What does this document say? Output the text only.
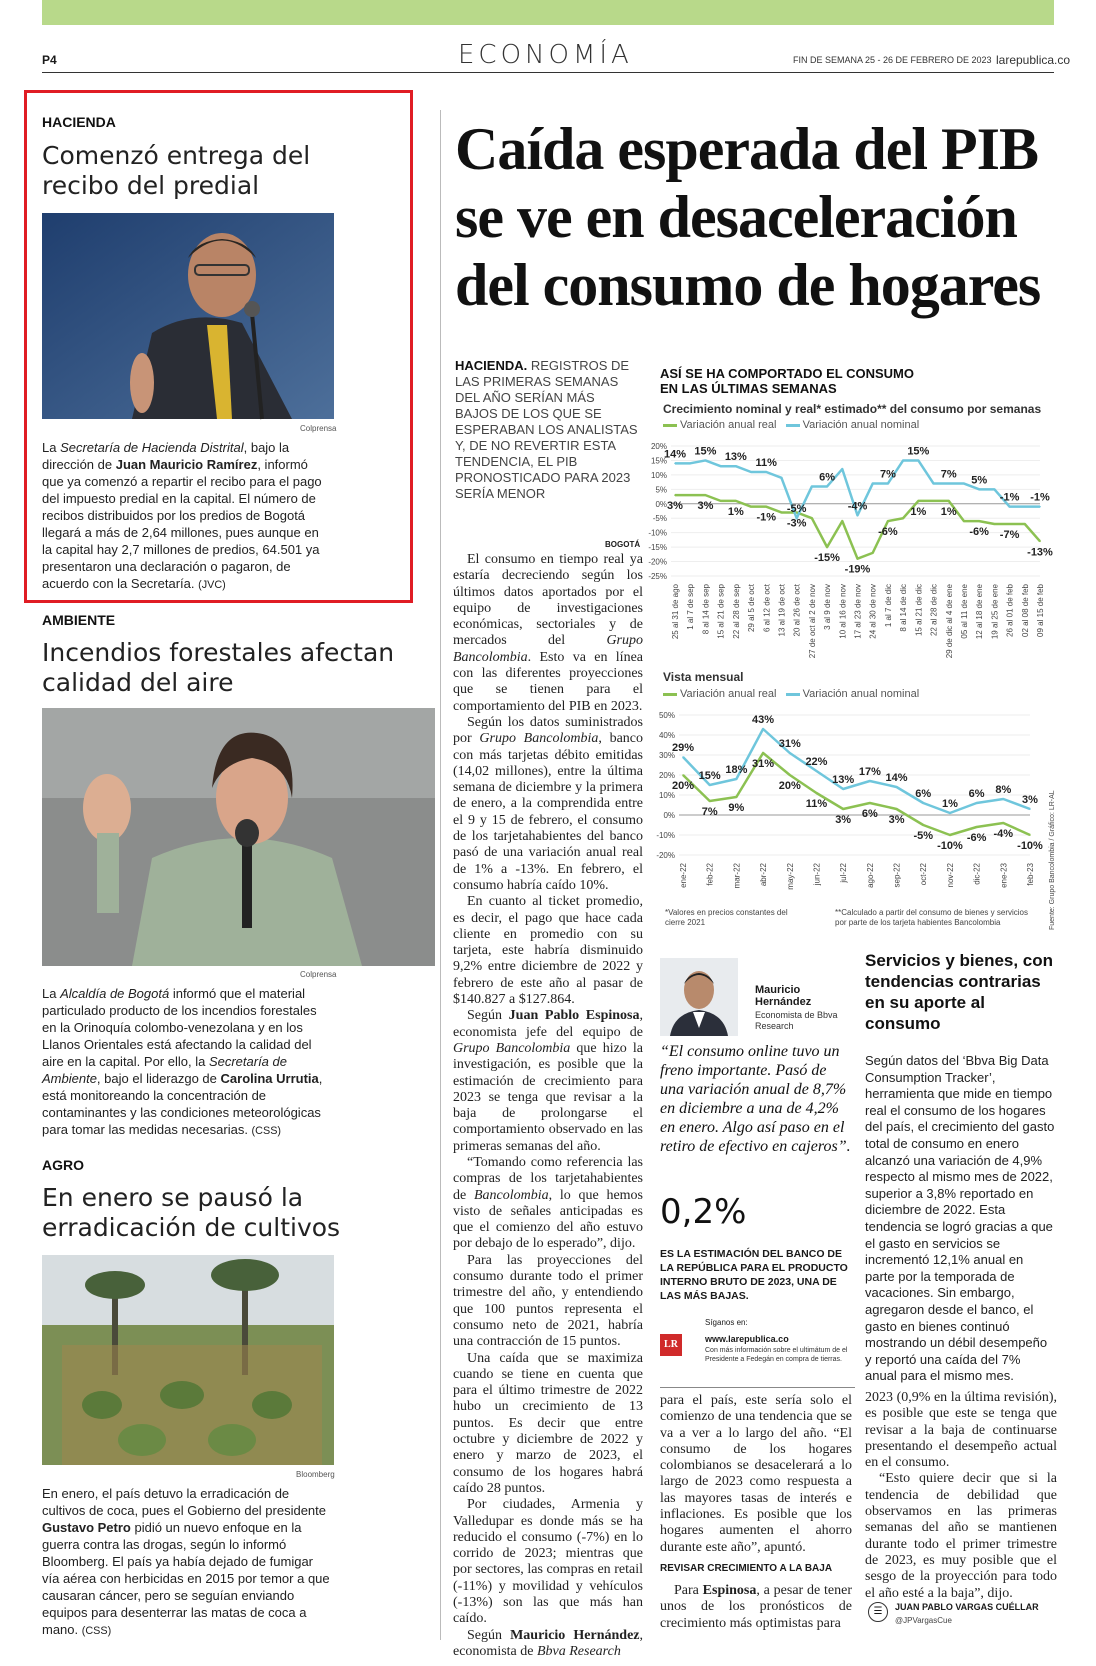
P4	ECONOMÍA	FIN DE SEMANA 25 - 26 DE FEBRERO DE 2023 larepublica.co
HACIENDA
Comenzó entrega del recibo del predial
Colprensa
La Secretaría de Hacienda Distrital, bajo la dirección de Juan Mauricio Ramírez, informó que ya comenzó a repartir el recibo para el pago del impuesto predial en la capital. El número de recibos distribuidos por los predios de Bogotá llegará a más de 2,64 millones, pues aunque en la capital hay 2,7 millones de predios, 64.501 ya presentaron una declaración o pagaron, de acuerdo con la Secretaría. (JVC)
AMBIENTE
Incendios forestales afectan calidad del aire
Colprensa
La Alcaldía de Bogotá informó que el material particulado producto de los incendios forestales en la Orinoquía colombo-venezolana y en los Llanos Orientales está afectando la calidad del aire en la capital. Por ello, la Secretaría de Ambiente, bajo el liderazgo de Carolina Urrutia, está monitoreando la concentración de contaminantes y las condiciones meteorológicas para tomar las medidas necesarias. (CSS)
AGRO
En enero se pausó la erradicación de cultivos
Bloomberg
En enero, el país detuvo la erradicación de cultivos de coca, pues el Gobierno del presidente Gustavo Petro pidió un nuevo enfoque en la guerra contra las drogas, según lo informó Bloomberg. El país ya había dejado de fumigar vía aérea con herbicidas en 2015 por temor a que causaran cáncer, pero se seguían enviando equipos para desenterrar las matas de coca a mano. (CSS)
Caída esperada del PIB se ve en desaceleración del consumo de hogares
HACIENDA. REGISTROS DE LAS PRIMERAS SEMANAS DEL AÑO SERÍAN MÁS BAJOS DE LOS QUE SE ESPERABAN LOS ANALISTAS Y, DE NO REVERTIR ESTA TENDENCIA, EL PIB PRONOSTICADO PARA 2023 SERÍA MENOR
BOGOTÁ

El consumo en tiempo real ya estaría decreciendo según los últimos datos aportados por el equipo de investigaciones económicas, sectoriales y de mercados del Grupo Bancolombia. Esto va en línea con las diferentes proyecciones que se tienen para el comportamiento del PIB en 2023.

Según los datos suministrados por Grupo Bancolombia, banco con más tarjetas débito emitidas (14,02 millones), entre la última semana de diciembre y la primera de enero, a la comprendida entre el 9 y 15 de febrero, el consumo de los tarjetahabientes del banco pasó de una variación anual real de 1% a -13%. En febrero, el consumo habría caído 10%.

En cuanto al ticket promedio, es decir, el pago que hace cada cliente en promedio con su tarjeta, este habría disminuido 9,2% entre diciembre de 2022 y febrero de este año al pasar de $140.827 a $127.864.

Según Juan Pablo Espinosa, economista jefe del equipo de Grupo Bancolombia que hizo la investigación, es posible que la estimación de crecimiento para 2023 se tenga que revisar a la baja de prolongarse el comportamiento observado en las primeras semanas del año.

“Tomando como referencia las compras de los tarjetahabientes de Bancolombia, lo que hemos visto de señales anticipadas es que el comienzo del año estuvo por debajo de lo esperado”, dijo.

Para las proyecciones del consumo durante todo el primer trimestre del año, y entendiendo que 100 puntos representa el consumo neto de 2021, habría una contracción de 15 puntos.

Una caída que se maximiza cuando se tiene en cuenta que para el último trimestre de 2022 hubo un crecimiento de 13 puntos. Es decir que entre octubre y diciembre de 2022 y enero y marzo de 2023, el consumo de los hogares habrá caído 28 puntos.

Por ciudades, Armenia y Valledupar es donde más se ha reducido el consumo (-7%) en lo corrido de 2023; mientras que por sectores, las compras en retail (-11%) y movilidad y vehículos (-13%) son las que más han caído.

Según Mauricio Hernández, economista de Bbva Research

ASÍ SE HA COMPORTADO EL CONSUMO EN LAS ÚLTIMAS SEMANAS
Crecimiento nominal y real* estimado** del consumo por semanas
Variación anual real Variación anual nominal
20%
15%
10%
5%
0%
-5%
-10%
-15%
-20%
-25%
25 al 31 de ago 1 al 7 de sep 8 al 14 de sep 15 al 21 de sep 22 al 28 de sep 29 al 5 de oct 6 al 12 de oct 13 al 19 de oct 20 al 26 de oct 27 de oct al 2 de nov 3 al 9 de nov 10 al 16 de nov 17 al 23 de nov 24 al 30 de nov 1 al 7 de dic 8 al 14 de dic 15 al 21 de dic 22 al 28 de dic 29 de dic al 4 de ene 05 al 11 de ene 12 al 18 de ene 19 al 25 de ene 26 al 01 de feb 02 al 08 de feb 09 al 15 de feb
3% 3% 1% -1% -3%
-15%
-19%
-6%
1% 1%
-6% -7%
-13%
14% 15% 13% 11%
-5%
6%
-4%
7%
15%
7% 5%
-1% -1%
Vista mensual
Variación anual real Variación anual nominal
50%
40%
30%
20%
10%
0%
-10%
-20%
ene-22 feb-22 mar-22 abr-22 may-22 jun-22 jul-22 ago-22 sep-22 oct-22 nov-22 dic-22 ene-23 feb-23
20%
7% 9%
31%
20%
11%
3% 6% 3%
-5%
-10%
-6% -4%
-10%
29%
15% 18%
43%
31%
22%
13%
17% 14%
6%
1%
6% 8%
3%
*Valores en precios constantes del cierre 2021
**Calculado a partir del consumo de bienes y servicios por parte de los tarjeta habientes Bancolombia	Fuente: Grupo Bancolombia / Gráfico: LR-AL
Mauricio Hernández
Economista de Bbva Research
“El consumo online tuvo un freno importante. Pasó de una variación anual de 8,7% en diciembre a una de 4,2% en enero. Algo así paso en el retiro de efectivo en cajeros”.
0,2%
ES LA ESTIMACIÓN DEL BANCO DE LA REPÚBLICA PARA EL PRODUCTO INTERNO BRUTO DE 2023, UNA DE LAS MÁS BAJAS.
Síganos en:
LR	www.larepublica.co
Con más información sobre el ultimátum de el Presidente a Fedegán en compra de tierras.

para el país, este sería solo el comienzo de una tendencia que se va a ver a lo largo del año. “El consumo de los hogares colombianos se desacelerará a lo largo de 2023 como respuesta a las mayores tasas de interés e inflaciones. Es posible que los hogares aumenten el ahorro durante este año”, apuntó.

REVISAR CRECIMIENTO A LA BAJA

Para Espinosa, a pesar de tener unos de los pronósticos de crecimiento más optimistas para

Servicios y bienes, con tendencias contrarias en su aporte al consumo
Según datos del ‘Bbva Big Data Consumption Tracker’, herramienta que mide en tiempo real el consumo de los hogares del país, el crecimiento del gasto total de consumo en enero alcanzó una variación de 4,9% respecto al mismo mes de 2022, superior a 3,8% reportado en diciembre de 2022. Esta tendencia se logró gracias a que el gasto en servicios se incrementó 12,1% anual en parte por la temporada de vacaciones. Sin embargo, agregaron desde el banco, el gasto en bienes continuó mostrando un débil desempeño y reportó una caída del 7% anual para el mismo mes.

2023 (0,9% en la última revisión), es posible que este se tenga que revisar a la baja de continuarse presentando el desempeño actual en el consumo.

“Esto quiere decir que si la tendencia de debilidad que observamos en las primeras semanas del año se mantienen durante todo el primer trimestre de 2023, es muy posible que el sesgo de la proyección para todo el año esté a la baja”, dijo.

☰	JUAN PABLO VARGAS CUÉLLAR
@JPVargasCue
